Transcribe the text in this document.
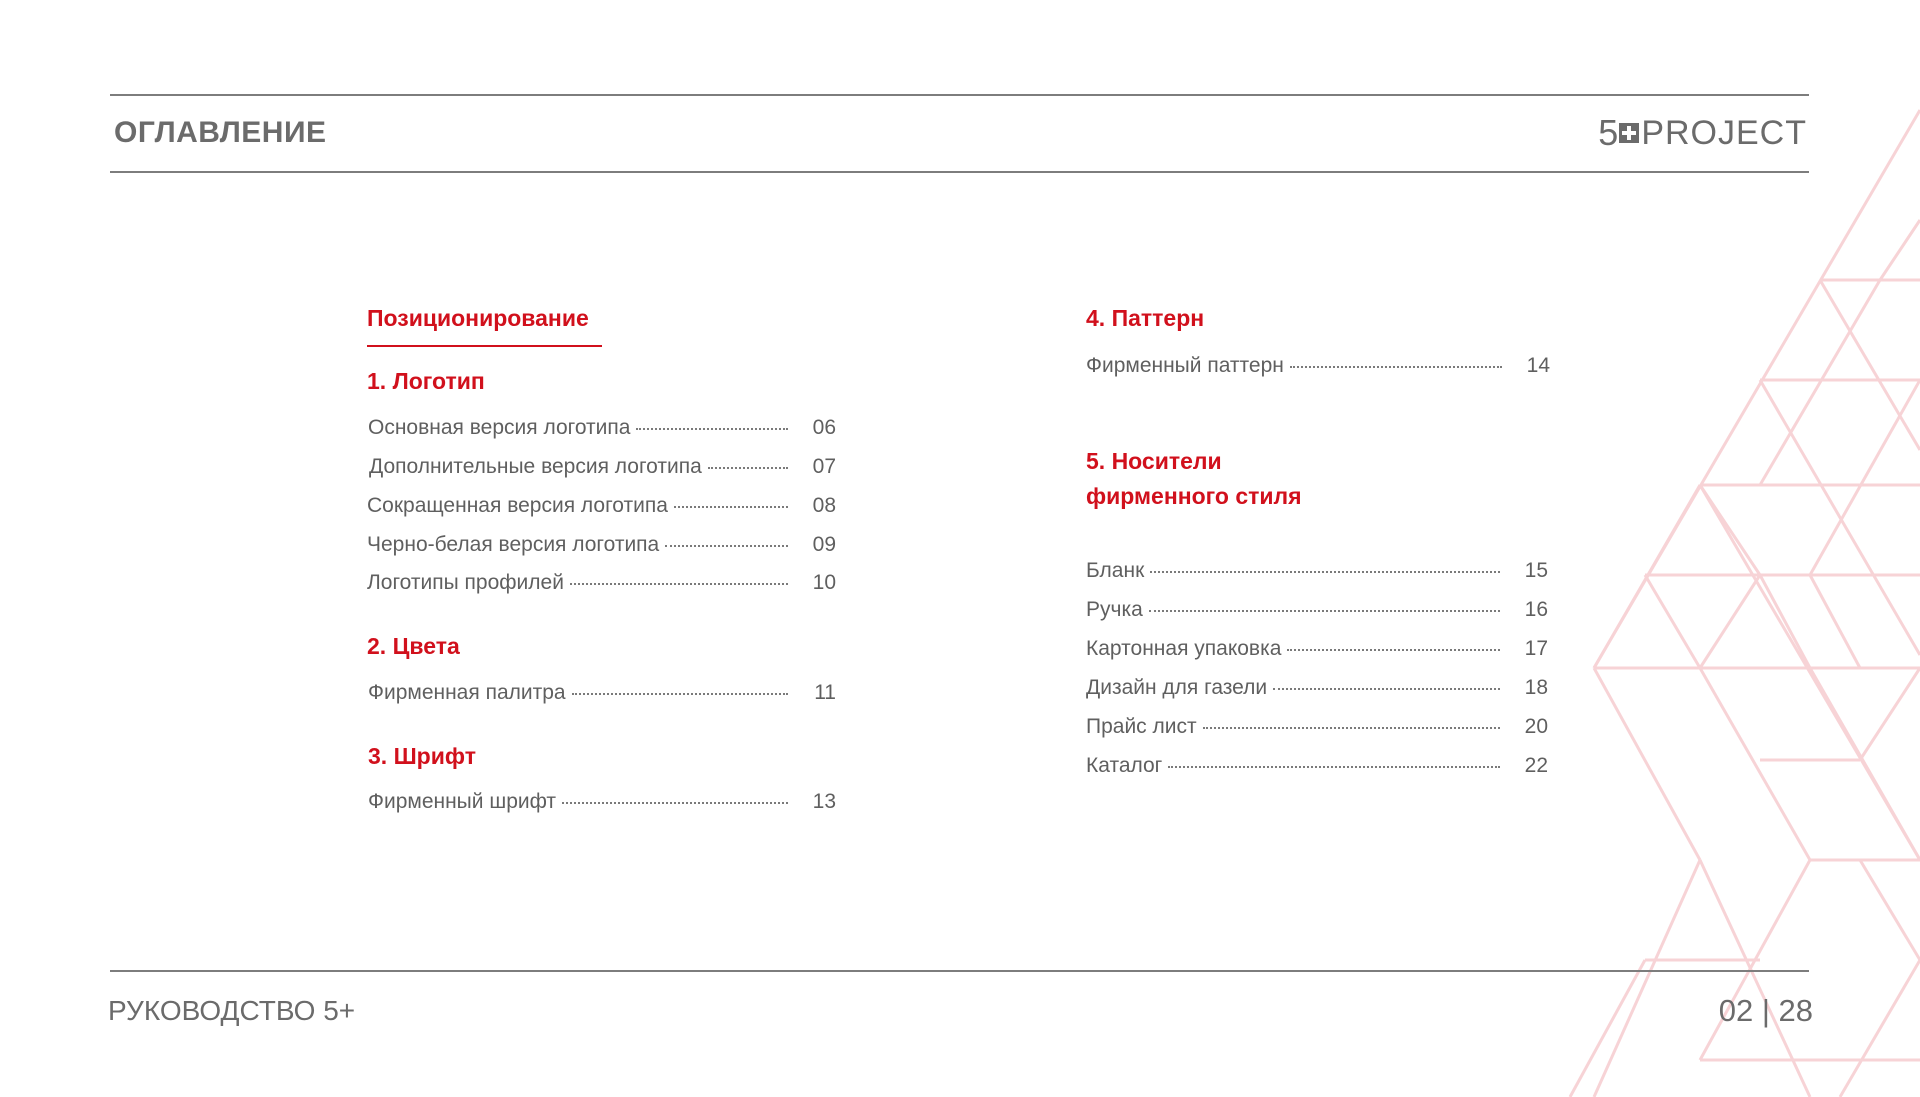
ОГЛАВЛЕНИЕ	5 PROJECT
Позиционирование
1. Логотип
Основная версия логотипа	06
Дополнительные версия логотипа	07
Сокращенная версия логотипа	08
Черно-белая версия логотипа	09
Логотипы профилей	10
2. Цвета
Фирменная палитра	11
3. Шрифт
Фирменный шрифт	13
4. Паттерн
Фирменный паттерн	14
5. Носители
фирменного стиля
Бланк	15
Ручка	16
Картонная упаковка	17
Дизайн для газели	18
Прайс лист	20
Каталог	22
РУКОВОДСТВО 5+	02 | 28
